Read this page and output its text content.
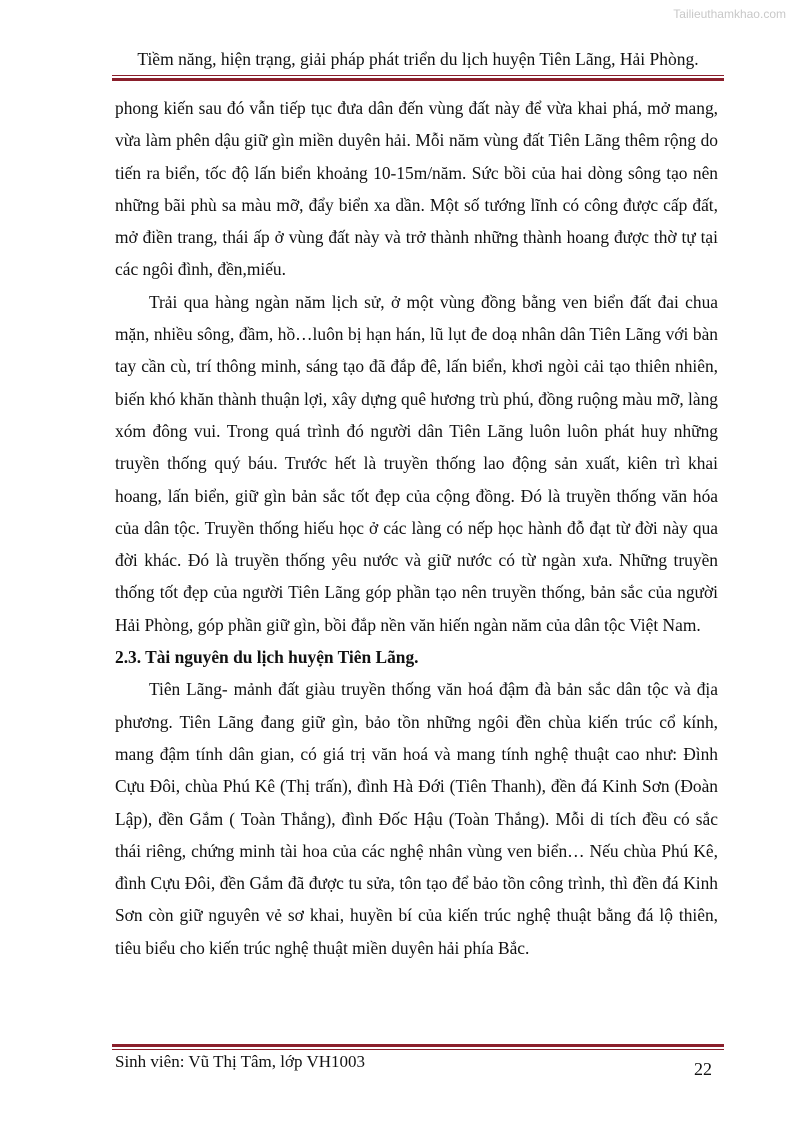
Tailieuthamkhao.com
Tiềm năng, hiện trạng, giải pháp phát triển du lịch huyện Tiên Lãng, Hải Phòng.

phong kiến sau đó vẫn tiếp tục đưa dân đến vùng đất này để vừa khai phá, mở mang, vừa làm phên dậu giữ gìn miền duyên hải. Mỗi năm vùng đất Tiên Lãng thêm rộng do tiến ra biển, tốc độ lấn biển khoảng 10-15m/năm. Sức bồi của hai dòng sông tạo nên những bãi phù sa màu mỡ, đẩy biển xa dần. Một số tướng lĩnh có công được cấp đất, mở điền trang, thái ấp ở vùng đất này và trở thành những thành hoang được thờ tự tại các ngôi đình, đền,miếu.

Trải qua hàng ngàn năm lịch sử, ở một vùng đồng bằng ven biển đất đai chua mặn, nhiều sông, đầm, hồ…luôn bị hạn hán, lũ lụt đe doạ nhân dân Tiên Lãng với bàn tay cần cù, trí thông minh, sáng tạo đã đắp đê, lấn biển, khơi ngòi cải tạo thiên nhiên, biến khó khăn thành thuận lợi, xây dựng quê hương trù phú, đồng ruộng màu mỡ, làng xóm đông vui. Trong quá trình đó người dân Tiên Lãng luôn luôn phát huy những truyền thống quý báu. Trước hết là truyền thống lao động sản xuất, kiên trì khai hoang, lấn biển, giữ gìn bản sắc tốt đẹp của cộng đồng. Đó là truyền thống văn hóa của dân tộc. Truyền thống hiếu học ở các làng có nếp học hành đỗ đạt từ đời này qua đời khác. Đó là truyền thống yêu nước và giữ nước có từ ngàn xưa. Những truyền thống tốt đẹp của người Tiên Lãng góp phần tạo nên truyền thống, bản sắc của người Hải Phòng, góp phần giữ gìn, bồi đắp nền văn hiến ngàn năm của dân tộc Việt Nam.

2.3. Tài nguyên du lịch huyện Tiên Lãng.

Tiên Lãng- mảnh đất giàu truyền thống văn hoá đậm đà bản sắc dân tộc và địa phương. Tiên Lãng đang giữ gìn, bảo tồn những ngôi đền chùa kiến trúc cổ kính, mang đậm tính dân gian, có giá trị văn hoá và mang tính nghệ thuật cao như: Đình Cựu Đôi, chùa Phú Kê (Thị trấn), đình Hà Đới (Tiên Thanh), đền đá Kinh Sơn (Đoàn Lập), đền Gắm ( Toàn Thắng), đình Đốc Hậu (Toàn Thắng). Mỗi di tích đều có sắc thái riêng, chứng minh tài hoa của các nghệ nhân vùng ven biển… Nếu chùa Phú Kê, đình Cựu Đôi, đền Gắm đã được tu sửa, tôn tạo để bảo tồn công trình, thì đền đá Kinh Sơn còn giữ nguyên vẻ sơ khai, huyền bí của kiến trúc nghệ thuật bằng đá lộ thiên, tiêu biểu cho kiến trúc nghệ thuật miền duyên hải phía Bắc.

Sinh viên: Vũ Thị Tâm, lớp VH1003	22
